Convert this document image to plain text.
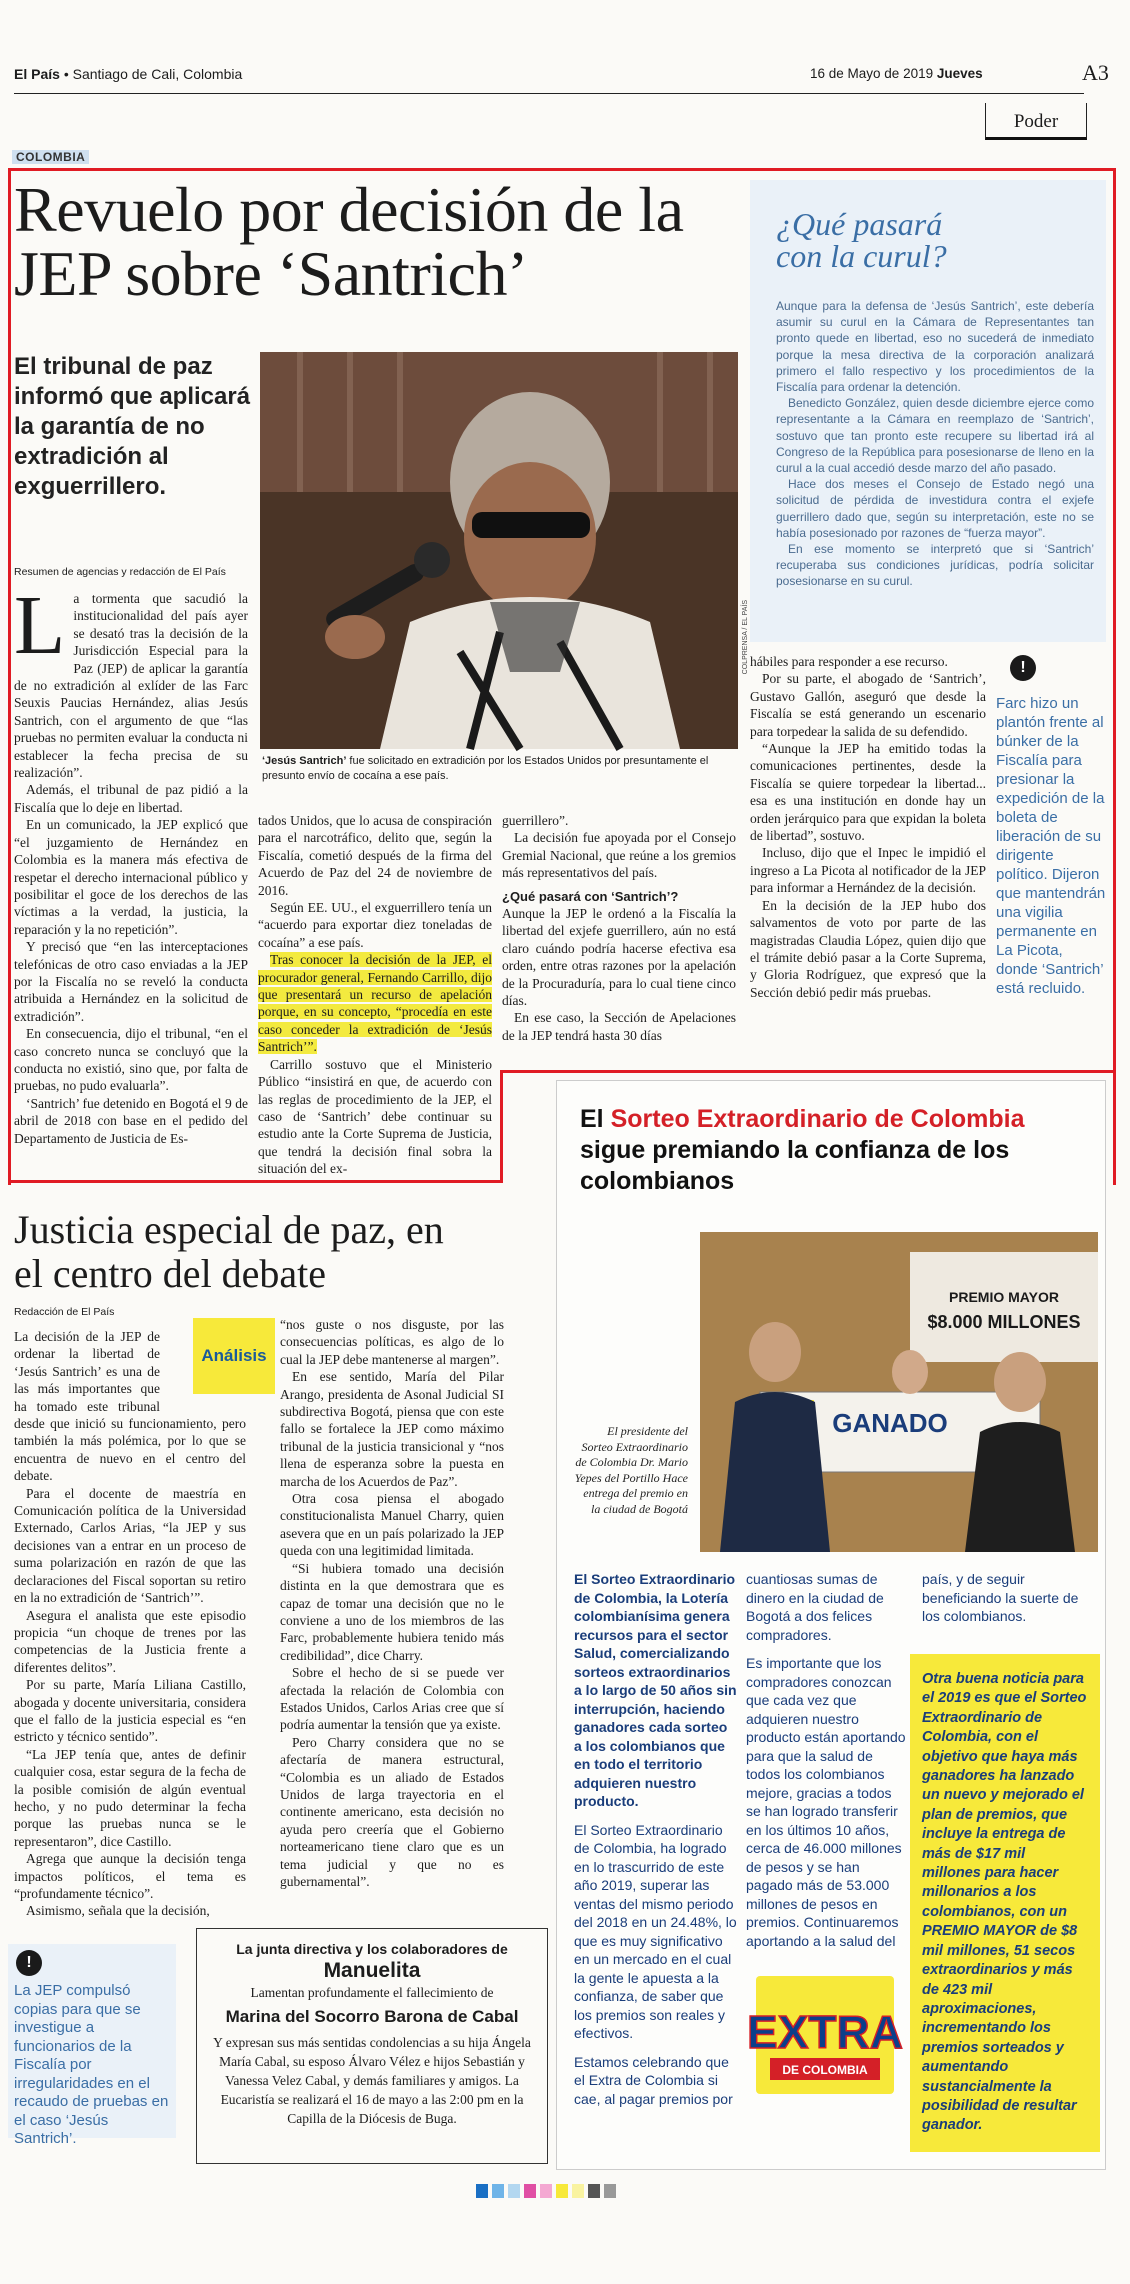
El País • Santiago de Cali, Colombia	16 de Mayo de 2019 Jueves	A3
Poder
COLOMBIA
Revuelo por decisión de la JEP sobre ‘Santrich’
El tribunal de paz informó que aplicará la garantía de no extradición al exguerrillero.
COLPRENSA / EL PAÍS
‘Jesús Santrich’ fue solicitado en extradición por los Estados Unidos por presuntamente el presunto envío de cocaína a ese país.
Resumen de agencias y redacción de El País

La tormenta que sacudió la institucionalidad del país ayer se desató tras la decisión de la Jurisdicción Especial para la Paz (JEP) de aplicar la garantía de no extradición al exlíder de las Farc Seuxis Paucias Hernández, alias Jesús Santrich, con el argumento de que “las pruebas no permiten evaluar la conducta ni establecer la fecha precisa de su realización”.

Además, el tribunal de paz pidió a la Fiscalía que lo deje en libertad.

En un comunicado, la JEP explicó que “el juzgamiento de Hernández en Colombia es la manera más efectiva de respetar el derecho internacional público y posibilitar el goce de los derechos de las víctimas a la verdad, la justicia, la reparación y la no repetición”.

Y precisó que “en las interceptaciones telefónicas de otro caso enviadas a la JEP por la Fiscalía no se reveló la conducta atribuida a Hernández en la solicitud de extradición”.

En consecuencia, dijo el tribunal, “en el caso concreto nunca se concluyó que la conducta no existió, sino que, por falta de pruebas, no pudo evaluarla”.

‘Santrich’ fue detenido en Bogotá el 9 de abril de 2018 con base en el pedido del Departamento de Justicia de Es-

tados Unidos, que lo acusa de conspiración para el narcotráfico, delito que, según la Fiscalía, cometió después de la firma del Acuerdo de Paz del 24 de noviembre de 2016.

Según EE. UU., el exguerrillero tenía un “acuerdo para exportar diez toneladas de cocaína” a ese país.

Tras conocer la decisión de la JEP, el procurador general, Fernando Carrillo, dijo que presentará un recurso de apelación porque, en su concepto, “procedía en este caso conceder la extradición de ‘Jesús Santrich’”.

Carrillo sostuvo que el Ministerio Público “insistirá en que, de acuerdo con las reglas de procedimiento de la JEP, el caso de ‘Santrich’ debe continuar su estudio ante la Corte Suprema de Justicia, que tendrá la decisión final sobra la situación del ex-

guerrillero”.

La decisión fue apoyada por el Consejo Gremial Nacional, que reúne a los gremios más representativos del país.

¿Qué pasará con ‘Santrich’?

Aunque la JEP le ordenó a la Fiscalía la libertad del exjefe guerrillero, aún no está claro cuándo podría hacerse efectiva esa orden, entre otras razones por la apelación de la Procuraduría, para lo cual tiene cinco días.

En ese caso, la Sección de Apelaciones de la JEP tendrá hasta 30 días

hábiles para responder a ese recurso.

Por su parte, el abogado de ‘Santrich’, Gustavo Gallón, aseguró que desde la Fiscalía se está generando un escenario para torpedear la salida de su defendido.

“Aunque la JEP ha emitido todas la comunicaciones pertinentes, desde la Fiscalía se quiere torpedear la libertad... esa es una institución en donde hay un orden jerárquico para que expidan la boleta de libertad”, sostuvo.

Incluso, dijo que el Inpec le impidió el ingreso a La Picota al notificador de la JEP para informar a Hernández de la decisión.

En la decisión de la JEP hubo dos salvamentos de voto por parte de las magistradas Claudia López, quien dijo que el trámite debió pasar a la Corte Suprema, y Gloria Rodríguez, que expresó que la Sección debió pedir más pruebas.

¿Qué pasará con la curul?

Aunque para la defensa de ‘Jesús Santrich’, este debería asumir su curul en la Cámara de Representantes tan pronto quede en libertad, eso no sucederá de inmediato porque la mesa directiva de la corporación analizará primero el fallo respectivo y los procedimientos de la Fiscalía para ordenar la detención.

Benedicto González, quien desde diciembre ejerce como representante a la Cámara en reemplazo de ‘Santrich’, sostuvo que tan pronto este recupere su libertad irá al Congreso de la República para posesionarse de lleno en la curul a la cual accedió desde marzo del año pasado.

Hace dos meses el Consejo de Estado negó una solicitud de pérdida de investidura contra el exjefe guerrillero dado que, según su interpretación, este no se había posesionado por razones de “fuerza mayor”.

En ese momento se interpretó que si ‘Santrich’ recuperaba sus condiciones jurídicas, podría solicitar posesionarse en su curul.

!
Farc hizo un plantón frente al búnker de la Fiscalía para presionar la expedición de la boleta de liberación de su dirigente político. Dijeron que mantendrán una vigilia permanente en La Picota, donde ‘Santrich’ está recluido.
Justicia especial de paz, en el centro del debate
Redacción de El País
Análisis

La decisión de la JEP de ordenar la libertad de ‘Jesús Santrich’ es una de las más importantes que ha tomado este tribunal desde que inició su funcionamiento, pero también la más polémica, por lo que se encuentra de nuevo en el centro del debate.

Para el docente de maestría en Comunicación política de la Universidad Externado, Carlos Arias, “la JEP y sus decisiones van a entrar en un proceso de suma polarización en razón de que las declaraciones del Fiscal soportan su retiro en la no extradición de ‘Santrich’”.

Asegura el analista que este episodio propicia “un choque de trenes por las competencias de la Justicia frente a diferentes delitos”.

Por su parte, María Liliana Castillo, abogada y docente universitaria, considera que el fallo de la justicia especial es “en estricto y técnico sentido”.

“La JEP tenía que, antes de definir cualquier cosa, estar segura de la fecha de la posible comisión de algún eventual hecho, y no pudo determinar la fecha porque las pruebas nunca se le representaron”, dice Castillo.

Agrega que aunque la decisión tenga impactos políticos, el tema es “profundamente técnico”.

Asimismo, señala que la decisión,

“nos guste o nos disguste, por las consecuencias políticas, es algo de lo cual la JEP debe mantenerse al margen”.

En ese sentido, María del Pilar Arango, presidenta de Asonal Judicial SI subdirectiva Bogotá, piensa que con este fallo se fortalece la JEP como máximo tribunal de la justicia transicional y “nos llena de esperanza sobre la puesta en marcha de los Acuerdos de Paz”.

Otra cosa piensa el abogado constitucionalista Manuel Charry, quien asevera que en un país polarizado la JEP queda con una legitimidad limitada.

“Si hubiera tomado una decisión distinta en la que demostrara que es capaz de tomar una decisión que no le conviene a uno de los miembros de las Farc, probablemente hubiera tenido más credibilidad”, dice Charry.

Sobre el hecho de si se puede ver afectada la relación de Colombia con Estados Unidos, Carlos Arias cree que sí podría aumentar la tensión que ya existe.

Pero Charry considera que no se afectaría de manera estructural, “Colombia es un aliado de Estados Unidos de larga trayectoria en el continente americano, esta decisión no ayuda pero creería que el Gobierno norteamericano tiene claro que es un tema judicial y que no es gubernamental”.

!
La JEP compulsó copias para que se investigue a funcionarios de la Fiscalía por irregularidades en el recaudo de pruebas en el caso ‘Jesús Santrich’.
La junta directiva y los colaboradores de
Manuelita
Lamentan profundamente el fallecimiento de
Marina del Socorro Barona de Cabal
Y expresan sus más sentidas condolencias a su hija Ángela María Cabal, su esposo Álvaro Vélez e hijos Sebastián y Vanessa Velez Cabal, y demás familiares y amigos. La Eucaristía se realizará el 16 de mayo a las 2:00 pm en la Capilla de la Diócesis de Buga.
El Sorteo Extraordinario de Colombia sigue premiando la confianza de los colombianos
PREMIO MAYOR
$8.000 MILLONES
GANADO
El presidente del Sorteo Extraordinario de Colombia Dr. Mario Yepes del Portillo Hace entrega del premio en la ciudad de Bogotá

El Sorteo Extraordinario de Colombia, la Lotería colombianísima genera recursos para el sector Salud, comercializando sorteos extraordinarios a lo largo de 50 años sin interrupción, haciendo ganadores cada sorteo a los colombianos que en todo el territorio adquieren nuestro producto.

El Sorteo Extraordinario de Colombia, ha logrado en lo trascurrido de este año 2019, superar las ventas del mismo periodo del 2018 en un 24.48%, lo que es muy significativo en un mercado en el cual la gente le apuesta a la confianza, de saber que los premios son reales y efectivos.

Estamos celebrando que el Extra de Colombia si cae, al pagar premios por

cuantiosas sumas de dinero en la ciudad de Bogotá a dos felices compradores.

Es importante que los compradores conozcan que cada vez que adquieren nuestro producto están aportando para que la salud de todos los colombianos mejore, gracias a todos se han logrado transferir en los últimos 10 años, cerca de 46.000 millones de pesos y se han pagado más de 53.000 millones de pesos en premios. Continuaremos aportando a la salud del

país, y de seguir beneficiando la suerte de los colombianos.

Otra buena noticia para el 2019 es que el Sorteo Extraordinario de Colombia, con el objetivo que haya más ganadores ha lanzado un nuevo y mejorado el plan de premios, que incluye la entrega de más de $17 mil millones para hacer millonarios a los colombianos, con un PREMIO MAYOR de $8 mil millones, 51 secos extraordinarios y más de 423 mil aproximaciones, incrementando los premios sorteados y aumentando sustancialmente la posibilidad de resultar ganador.
EXTRA
DE COLOMBIA
